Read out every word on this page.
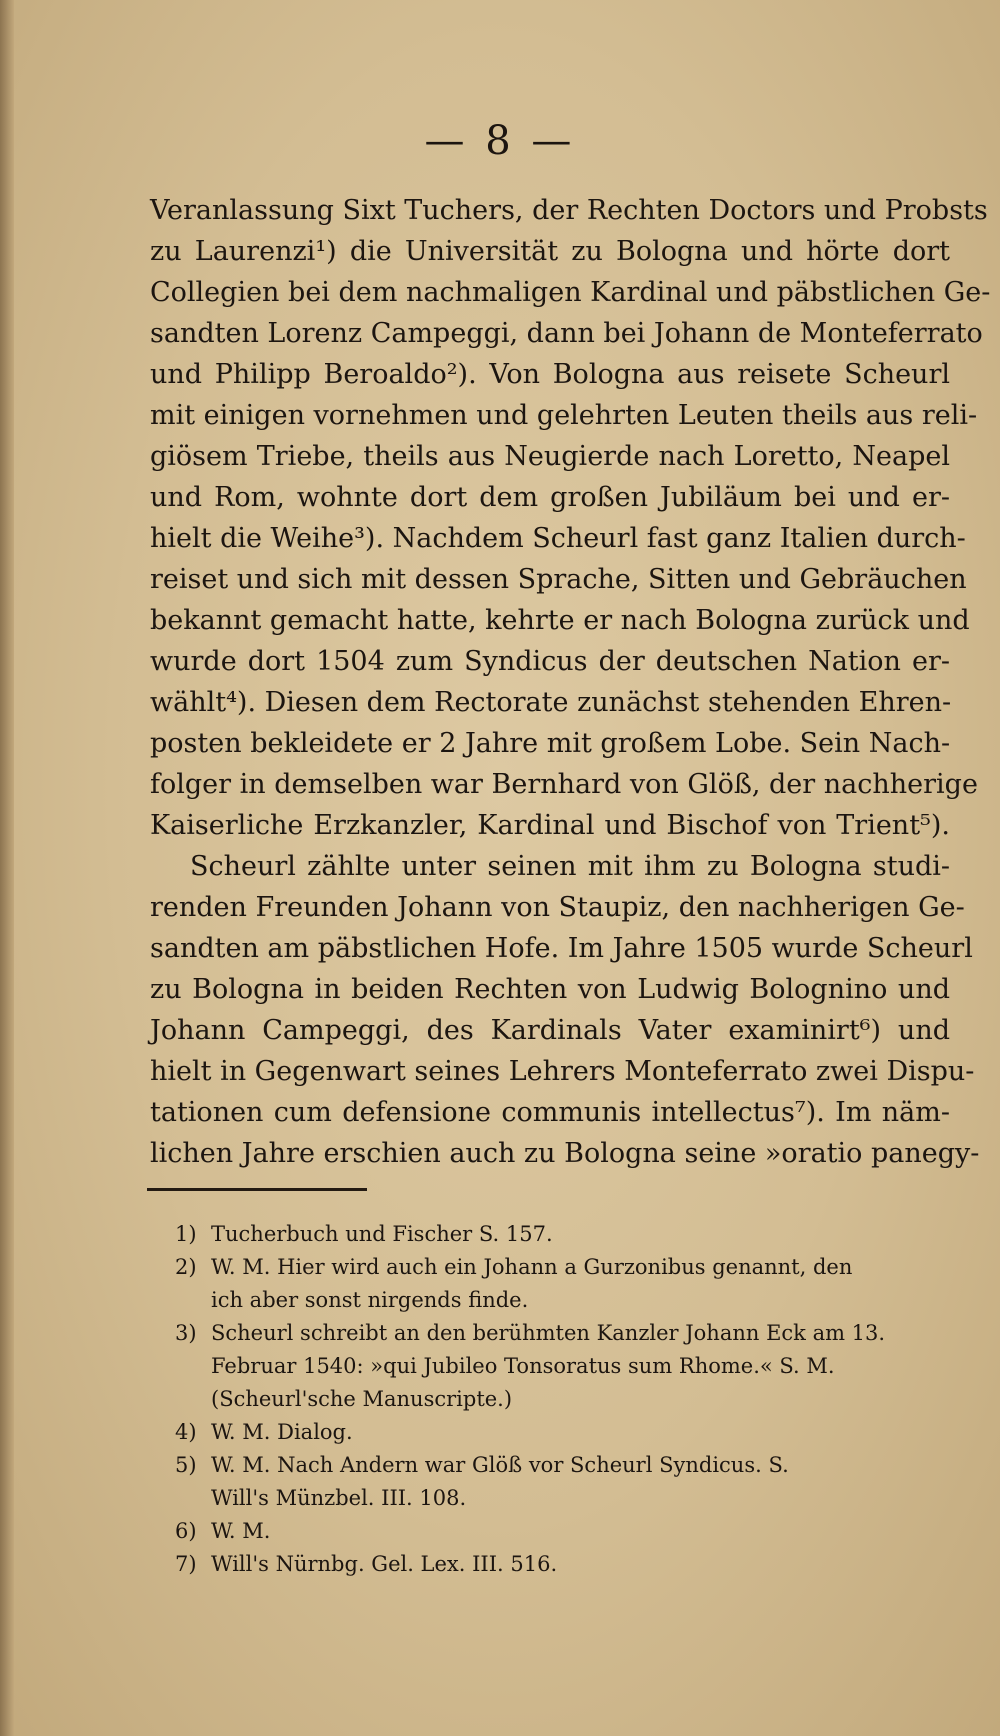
— 8 —
Veranlassung Sixt Tuchers, der Rechten Doctors und Probsts
zu Laurenzi¹) die Universität zu Bologna und hörte dort
Collegien bei dem nachmaligen Kardinal und päbstlichen Ge-
sandten Lorenz Campeggi, dann bei Johann de Monteferrato
und Philipp Beroaldo²). Von Bologna aus reisete Scheurl
mit einigen vornehmen und gelehrten Leuten theils aus reli-
giösem Triebe, theils aus Neugierde nach Loretto, Neapel
und Rom, wohnte dort dem großen Jubiläum bei und er-
hielt die Weihe³). Nachdem Scheurl fast ganz Italien durch-
reiset und sich mit dessen Sprache, Sitten und Gebräuchen
bekannt gemacht hatte, kehrte er nach Bologna zurück und
wurde dort 1504 zum Syndicus der deutschen Nation er-
wählt⁴). Diesen dem Rectorate zunächst stehenden Ehren-
posten bekleidete er 2 Jahre mit großem Lobe. Sein Nach-
folger in demselben war Bernhard von Glöß, der nachherige
Kaiserliche Erzkanzler, Kardinal und Bischof von Trient⁵).
Scheurl zählte unter seinen mit ihm zu Bologna studi-
renden Freunden Johann von Staupiz, den nachherigen Ge-
sandten am päbstlichen Hofe. Im Jahre 1505 wurde Scheurl
zu Bologna in beiden Rechten von Ludwig Bolognino und
Johann Campeggi, des Kardinals Vater examinirt⁶) und
hielt in Gegenwart seines Lehrers Monteferrato zwei Dispu-
tationen cum defensione communis intellectus⁷). Im näm-
lichen Jahre erschien auch zu Bologna seine »oratio panegy-
1) Tucherbuch und Fischer S. 157.
2) W. M. Hier wird auch ein Johann a Gurzonibus genannt, den
ich aber sonst nirgends finde.
3) Scheurl schreibt an den berühmten Kanzler Johann Eck am 13.
Februar 1540: »qui Jubileo Tonsoratus sum Rhome.« S. M.
(Scheurl'sche Manuscripte.)
4) W. M. Dialog.
5) W. M. Nach Andern war Glöß vor Scheurl Syndicus. S.
Will's Münzbel. III. 108.
6) W. M.
7) Will's Nürnbg. Gel. Lex. III. 516.
